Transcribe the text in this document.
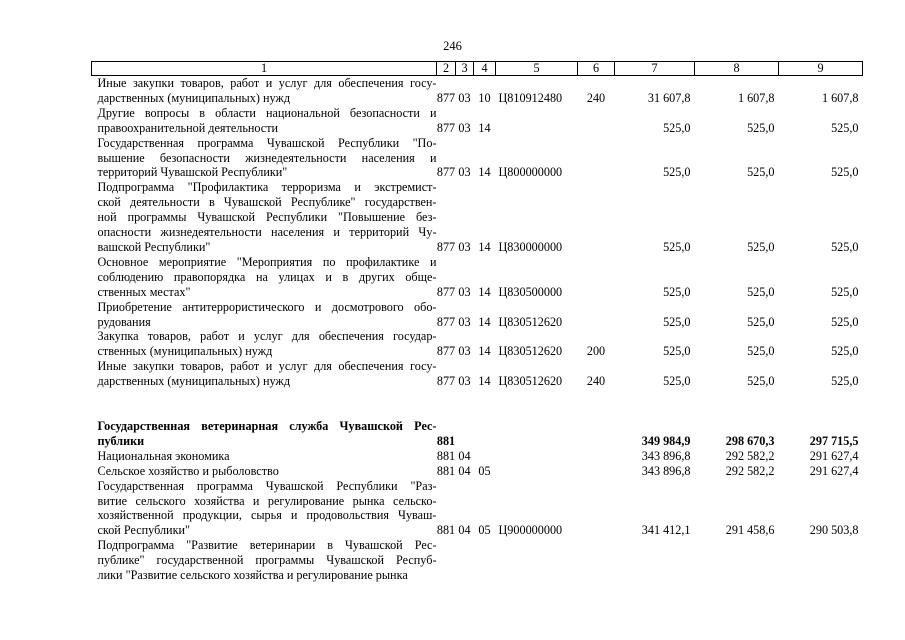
246
1	2	3	4	5	6	7	8	9

Иные закупки товаров, работ и услуг для обеспечения госу-
дарственных (муниципальных) нужд	877	03	10	Ц810912480	240	31 607,8	1 607,8	1 607,8

Другие вопросы в области национальной безопасности и
правоохранительной деятельности	877	03	14			525,0	525,0	525,0

Государственная программа Чувашской Республики "По-
вышение безопасности жизнедеятельности населения и
территорий Чувашской Республики"	877	03	14	Ц800000000		525,0	525,0	525,0

Подпрограмма "Профилактика терроризма и экстремист-
ской деятельности в Чувашской Республике" государствен-
ной программы Чувашской Республики "Повышение без-
опасности жизнедеятельности населения и территорий Чу-
вашской Республики"	877	03	14	Ц830000000		525,0	525,0	525,0

Основное мероприятие "Мероприятия по профилактике и
соблюдению правопорядка на улицах и в других обще-
ственных местах"	877	03	14	Ц830500000		525,0	525,0	525,0

Приобретение антитеррористического и досмотрового обо-
рудования	877	03	14	Ц830512620		525,0	525,0	525,0

Закупка товаров, работ и услуг для обеспечения государ-
ственных (муниципальных) нужд	877	03	14	Ц830512620	200	525,0	525,0	525,0

Иные закупки товаров, работ и услуг для обеспечения госу-
дарственных (муниципальных) нужд	877	03	14	Ц830512620	240	525,0	525,0	525,0

Государственная ветеринарная служба Чувашской Рес-
публики	881					349 984,9	298 670,3	297 715,5

Национальная экономика	881	04				343 896,8	292 582,2	291 627,4

Сельское хозяйство и рыболовство	881	04	05			343 896,8	292 582,2	291 627,4

Государственная программа Чувашской Республики "Раз-
витие сельского хозяйства и регулирование рынка сельско-
хозяйственной продукции, сырья и продовольствия Чуваш-
ской Республики"	881	04	05	Ц900000000		341 412,1	291 458,6	290 503,8

Подпрограмма "Развитие ветеринарии в Чувашской Рес-
публике" государственной программы Чувашской Респуб-
лики "Развитие сельского хозяйства и регулирование рынка								
